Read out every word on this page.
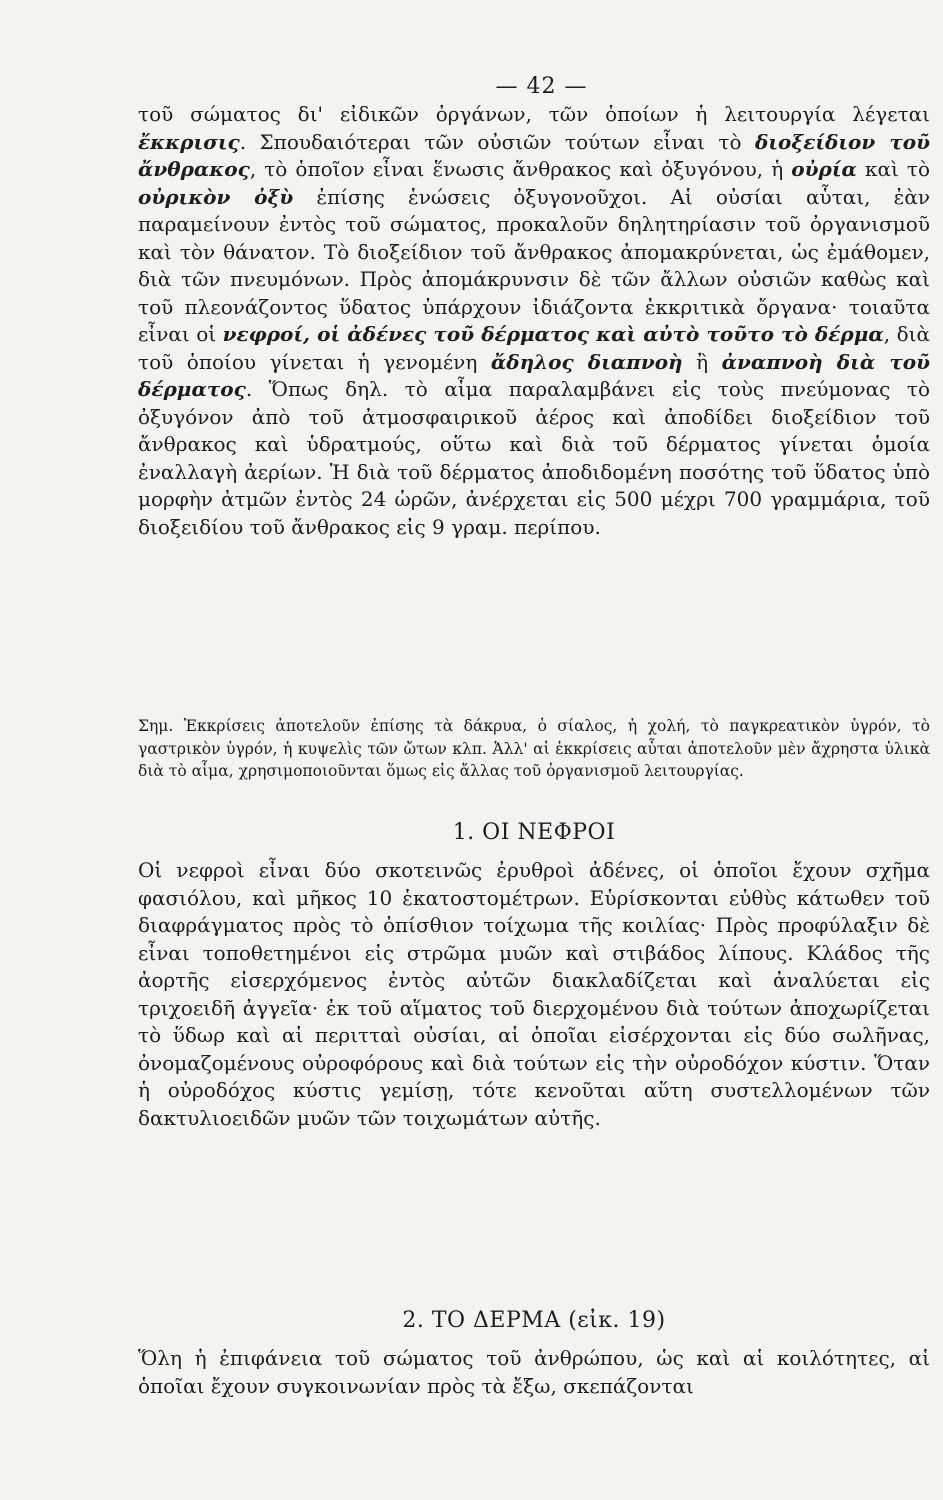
— 42 —

τοῦ σώματος δι' εἰδικῶν ὀργάνων, τῶν ὁποίων ἡ λειτουργία λέγεται ἔκκρισις. Σπουδαιότεραι τῶν οὐσιῶν τούτων εἶναι τὸ διοξείδιον τοῦ ἄνθρακος, τὸ ὁποῖον εἶναι ἕνωσις ἄνθρακος καὶ ὀξυγόνου, ἡ οὐρία καὶ τὸ οὐρικὸν ὀξὺ ἐπίσης ἑνώσεις ὀξυγονοῦχοι. Αἱ οὐσίαι αὗται, ἐὰν παραμείνουν ἐντὸς τοῦ σώματος, προκαλοῦν δηλητηρίασιν τοῦ ὀργανισμοῦ καὶ τὸν θάνατον. Τὸ διοξείδιον τοῦ ἄνθρακος ἀπομακρύνεται, ὡς ἐμάθομεν, διὰ τῶν πνευμόνων. Πρὸς ἀπομάκρυνσιν δὲ τῶν ἄλλων οὐσιῶν καθὼς καὶ τοῦ πλεονάζοντος ὕδατος ὑπάρχουν ἰδιάζοντα ἐκκριτικὰ ὄργανα· τοιαῦτα εἶναι οἱ νεφροί, οἱ ἀδένες τοῦ δέρματος καὶ αὐτὸ τοῦτο τὸ δέρμα, διὰ τοῦ ὁποίου γίνεται ἡ γενομένη ἄδηλος διαπνοὴ ἢ ἀναπνοὴ διὰ τοῦ δέρματος. Ὅπως δηλ. τὸ αἷμα παραλαμβάνει εἰς τοὺς πνεύμονας τὸ ὀξυγόνον ἀπὸ τοῦ ἀτμοσφαιρικοῦ ἀέρος καὶ ἀποδίδει διοξείδιον τοῦ ἄνθρακος καὶ ὑδρατμούς, οὕτω καὶ διὰ τοῦ δέρματος γίνεται ὁμοία ἐναλλαγὴ ἀερίων. Ἡ διὰ τοῦ δέρματος ἀποδιδομένη ποσότης τοῦ ὕδατος ὑπὸ μορφὴν ἀτμῶν ἐντὸς 24 ὡρῶν, ἀνέρχεται εἰς 500 μέχρι 700 γραμμάρια, τοῦ διοξειδίου τοῦ ἄνθρακος εἰς 9 γραμ. περίπου.

Σημ. Ἐκκρίσεις ἀποτελοῦν ἐπίσης τὰ δάκρυα, ὁ σίαλος, ἡ χολή, τὸ παγκρεατικὸν ὑγρόν, τὸ γαστρικὸν ὑγρόν, ἡ κυψελὶς τῶν ὤτων κλπ. Ἀλλ' αἱ ἐκκρίσεις αὗται ἀποτελοῦν μὲν ἄχρηστα ὑλικὰ διὰ τὸ αἷμα, χρησιμοποιοῦνται ὅμως εἰς ἄλλας τοῦ ὀργανισμοῦ λειτουργίας.

1. ΟΙ ΝΕΦΡΟΙ

Οἱ νεφροὶ εἶναι δύο σκοτεινῶς ἐρυθροὶ ἀδένες, οἱ ὁποῖοι ἔχουν σχῆμα φασιόλου, καὶ μῆκος 10 ἑκατοστομέτρων. Εὑρίσκονται εὐθὺς κάτωθεν τοῦ διαφράγματος πρὸς τὸ ὀπίσθιον τοίχωμα τῆς κοιλίας· Πρὸς προφύλαξιν δὲ εἶναι τοποθετημένοι εἰς στρῶμα μυῶν καὶ στιβάδος λίπους. Κλάδος τῆς ἀορτῆς εἰσερχόμενος ἐντὸς αὐτῶν διακλαδίζεται καὶ ἀναλύεται εἰς τριχοειδῆ ἀγγεῖα· ἐκ τοῦ αἵματος τοῦ διερχομένου διὰ τούτων ἀποχωρίζεται τὸ ὕδωρ καὶ αἱ περιτταὶ οὐσίαι, αἱ ὁποῖαι εἰσέρχονται εἰς δύο σωλῆνας, ὀνομαζομένους οὐροφόρους καὶ διὰ τούτων εἰς τὴν οὐροδόχον κύστιν. Ὅταν ἡ οὐροδόχος κύστις γεμίσῃ, τότε κενοῦται αὕτη συστελλομένων τῶν δακτυλιοειδῶν μυῶν τῶν τοιχωμάτων αὐτῆς.

2. ΤΟ ΔΕΡΜΑ (εἰκ. 19)

Ὅλη ἡ ἐπιφάνεια τοῦ σώματος τοῦ ἀνθρώπου, ὡς καὶ αἱ κοιλότητες, αἱ ὁποῖαι ἔχουν συγκοινωνίαν πρὸς τὰ ἔξω, σκεπάζονται
